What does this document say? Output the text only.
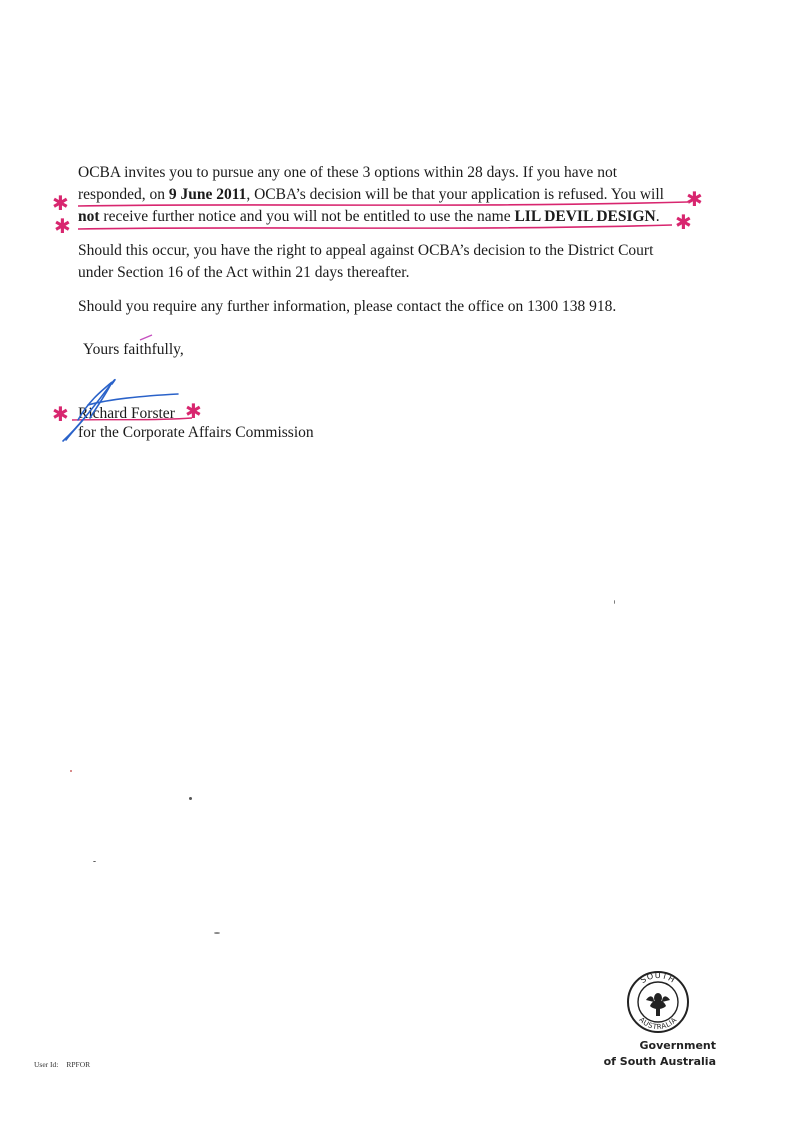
OCBA invites you to pursue any one of these 3 options within 28 days. If you have not
responded, on 9 June 2011, OCBA’s decision will be that your application is refused. You will
not receive further notice and you will not be entitled to use the name LIL DEVIL DESIGN.

Should this occur, you have the right to appeal against OCBA’s decision to the District Court
under Section 16 of the Act within 21 days thereafter.

Should you require any further information, please contact the office on 1300 138 918.

Yours faithfully,
Richard Forster
for the Corporate Affairs Commission
✱	✱
✱	✱
✱	✱
SOUTH
AUSTRALIA
Government
of South Australia
User Id: RPFOR
